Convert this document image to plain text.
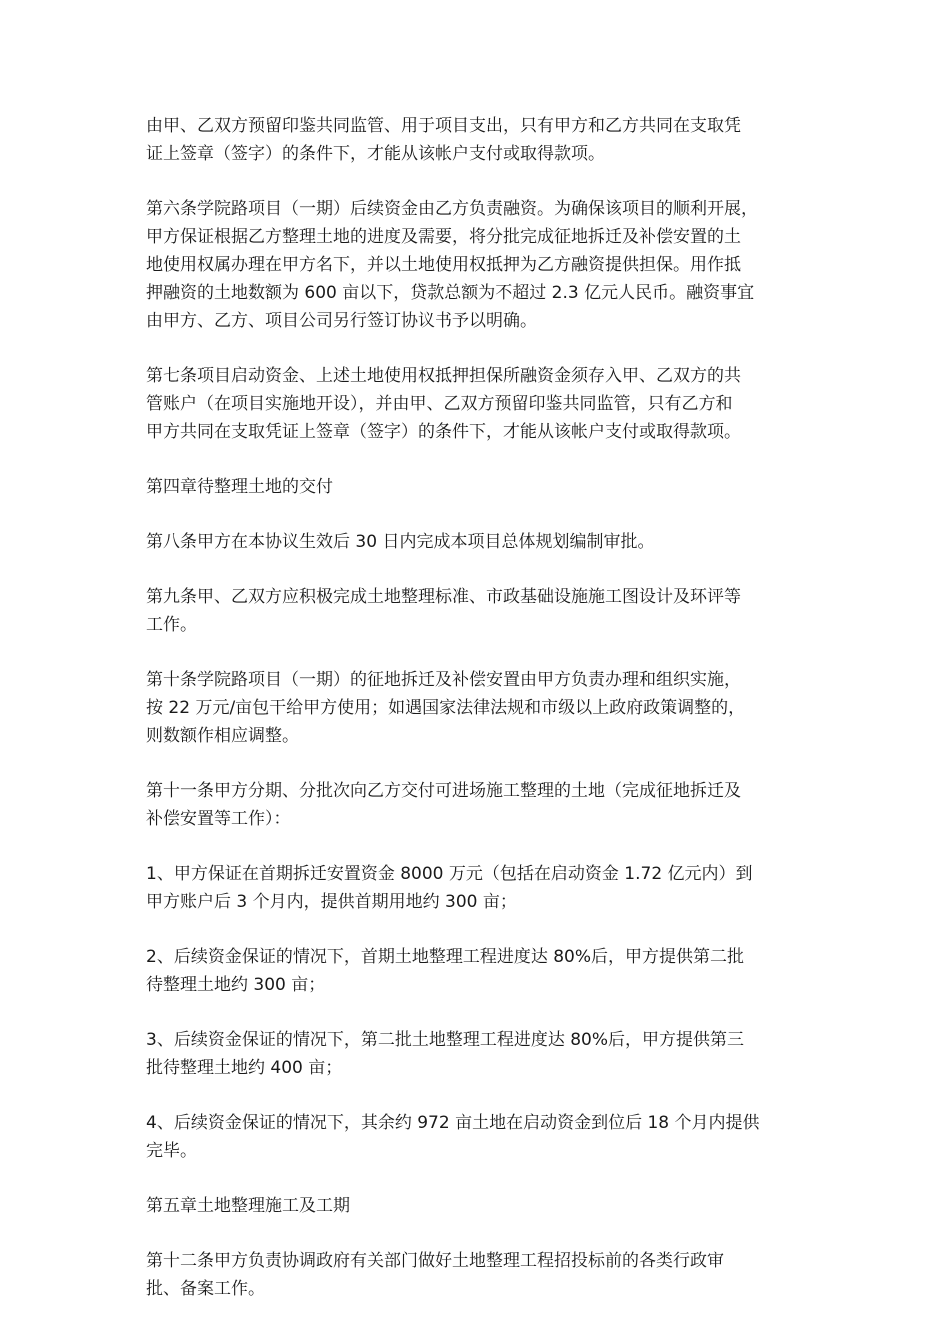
由甲、乙双方预留印鉴共同监管、用于项目支出，只有甲方和乙方共同在支取凭
证上签章（签字）的条件下，才能从该帐户支付或取得款项。

第六条学院路项目（一期）后续资金由乙方负责融资。为确保该项目的顺利开展，
甲方保证根据乙方整理土地的进度及需要，将分批完成征地拆迁及补偿安置的土
地使用权属办理在甲方名下，并以土地使用权抵押为乙方融资提供担保。用作抵
押融资的土地数额为 600 亩以下，贷款总额为不超过 2.3 亿元人民币。融资事宜
由甲方、乙方、项目公司另行签订协议书予以明确。

第七条项目启动资金、上述土地使用权抵押担保所融资金须存入甲、乙双方的共
管账户（在项目实施地开设），并由甲、乙双方预留印鉴共同监管，只有乙方和
甲方共同在支取凭证上签章（签字）的条件下，才能从该帐户支付或取得款项。

第四章待整理土地的交付

第八条甲方在本协议生效后 30 日内完成本项目总体规划编制审批。

第九条甲、乙双方应积极完成土地整理标准、市政基础设施施工图设计及环评等
工作。

第十条学院路项目（一期）的征地拆迁及补偿安置由甲方负责办理和组织实施，
按 22 万元/亩包干给甲方使用；如遇国家法律法规和市级以上政府政策调整的，
则数额作相应调整。

第十一条甲方分期、分批次向乙方交付可进场施工整理的土地（完成征地拆迁及
补偿安置等工作）：

1、甲方保证在首期拆迁安置资金 8000 万元（包括在启动资金 1.72 亿元内）到
甲方账户后 3 个月内，提供首期用地约 300 亩；

2、后续资金保证的情况下，首期土地整理工程进度达 80%后，甲方提供第二批
待整理土地约 300 亩；

3、后续资金保证的情况下，第二批土地整理工程进度达 80%后，甲方提供第三
批待整理土地约 400 亩；

4、后续资金保证的情况下，其余约 972 亩土地在启动资金到位后 18 个月内提供
完毕。

第五章土地整理施工及工期

第十二条甲方负责协调政府有关部门做好土地整理工程招投标前的各类行政审
批、备案工作。
